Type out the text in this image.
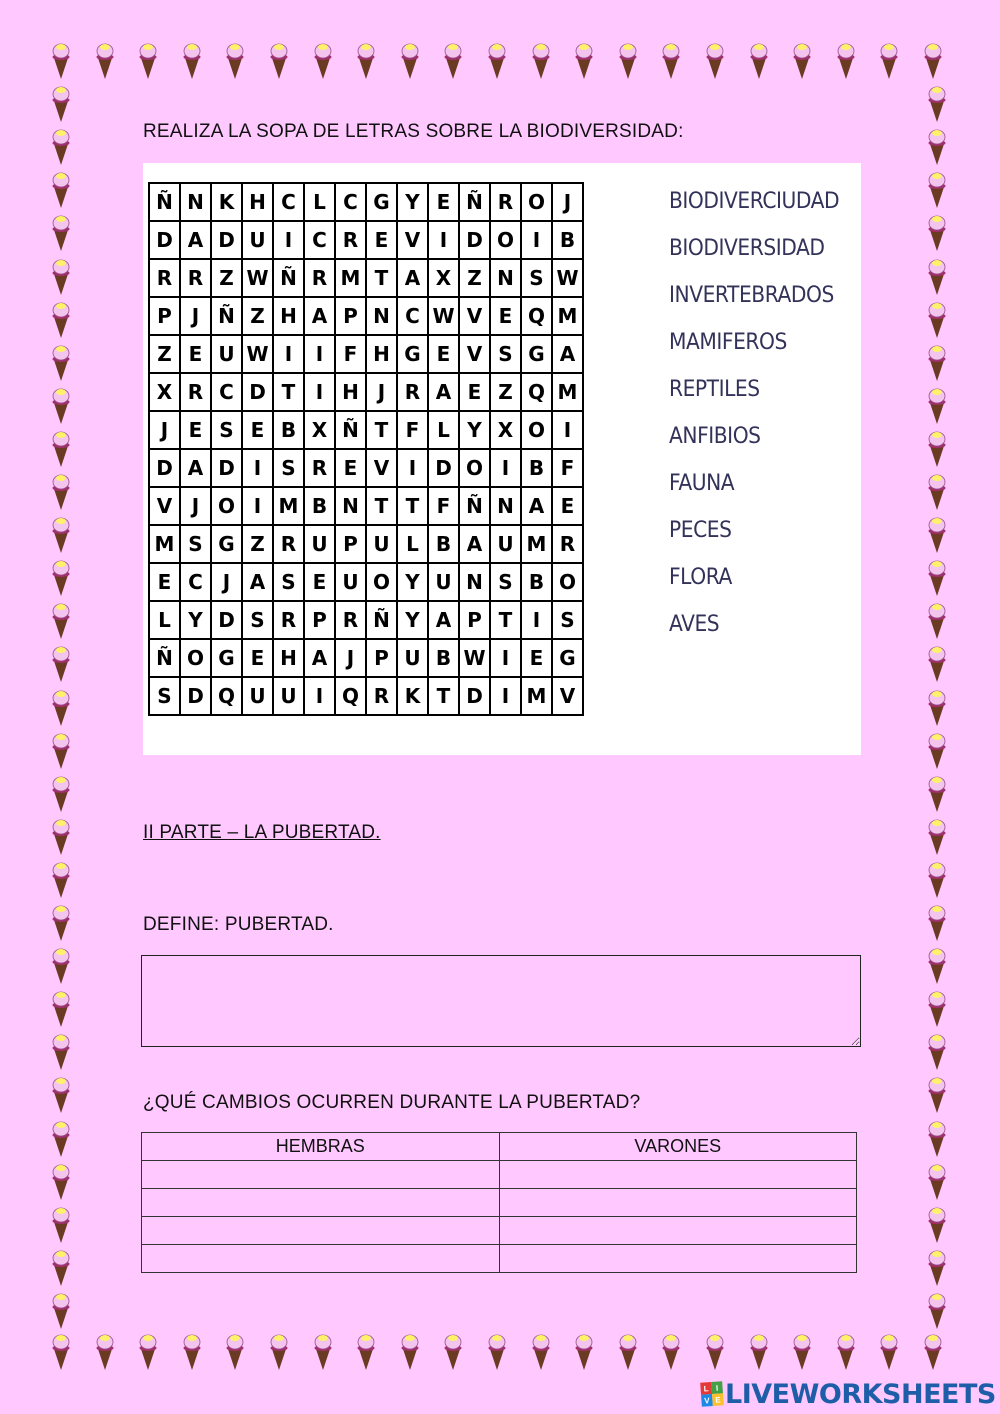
REALIZA LA SOPA DE LETRAS SOBRE LA BIODIVERSIDAD:

Ñ N K H C L C G Y E Ñ R O J
D A D U I C R E V I D O I B
R R Z W Ñ R M T A X Z N S W
P J Ñ Z H A P N C W V E Q M
Z E U W I	I	F H G E V S G A
X R C D T	I H J R A E Z Q M
J	E S E B X Ñ T F L Y X O I
D A D I	S R E V I D O I B F
V J O I M B N T T F Ñ N A E
M S G Z R U P U L B A U M R
E C J A S E U O Y U N S B O
L Y D S R P R Ñ Y A P T	I	S
Ñ O G E H A J P U B W I	E G
S D Q U U I Q R K T D I M V
BIODIVERCIUDAD
BIODIVERSIDAD
INVERTEBRADOS
MAMIFEROS
REPTILES
ANFIBIOS
FAUNA
PECES
FLORA
AVES

II PARTE – LA PUBERTAD.

DEFINE: PUBERTAD.

¿QUÉ CAMBIOS OCURREN DURANTE LA PUBERTAD?

HEMBRAS	VARONES

L I
V E LIVEWORKSHEETS
